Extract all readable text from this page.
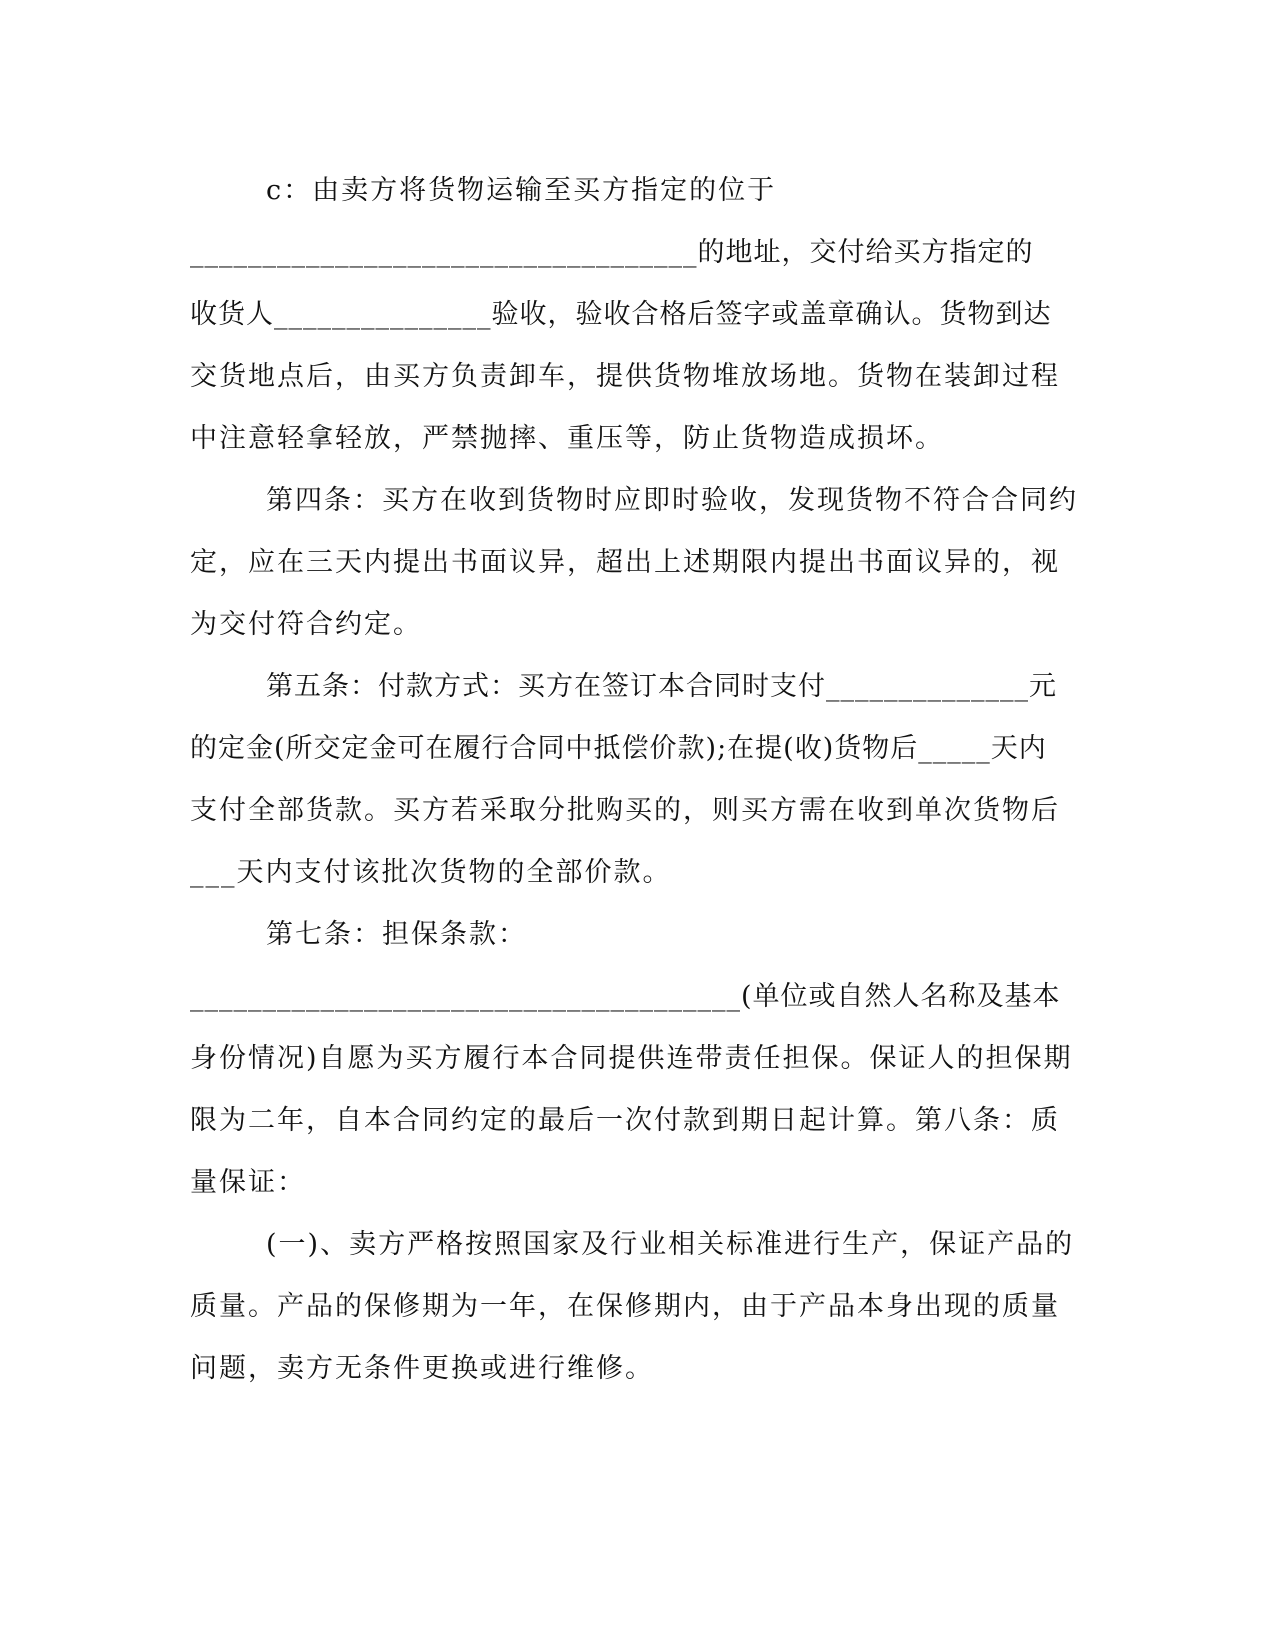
c：由卖方将货物运输至买方指定的位于
___________________________________的地址，交付给买方指定的
收货人_______________验收，验收合格后签字或盖章确认。货物到达
交货地点后，由买方负责卸车，提供货物堆放场地。货物在装卸过程
中注意轻拿轻放，严禁抛摔、重压等，防止货物造成损坏。
第四条：买方在收到货物时应即时验收，发现货物不符合合同约
定，应在三天内提出书面议异，超出上述期限内提出书面议异的，视
为交付符合约定。
第五条：付款方式：买方在签订本合同时支付______________元
的定金(所交定金可在履行合同中抵偿价款);在提(收)货物后_____天内
支付全部货款。买方若采取分批购买的，则买方需在收到单次货物后
___天内支付该批次货物的全部价款。
第七条：担保条款：
______________________________________(单位或自然人名称及基本
身份情况)自愿为买方履行本合同提供连带责任担保。保证人的担保期
限为二年，自本合同约定的最后一次付款到期日起计算。第八条：质
量保证：
(一)、卖方严格按照国家及行业相关标准进行生产，保证产品的
质量。产品的保修期为一年，在保修期内，由于产品本身出现的质量
问题，卖方无条件更换或进行维修。
